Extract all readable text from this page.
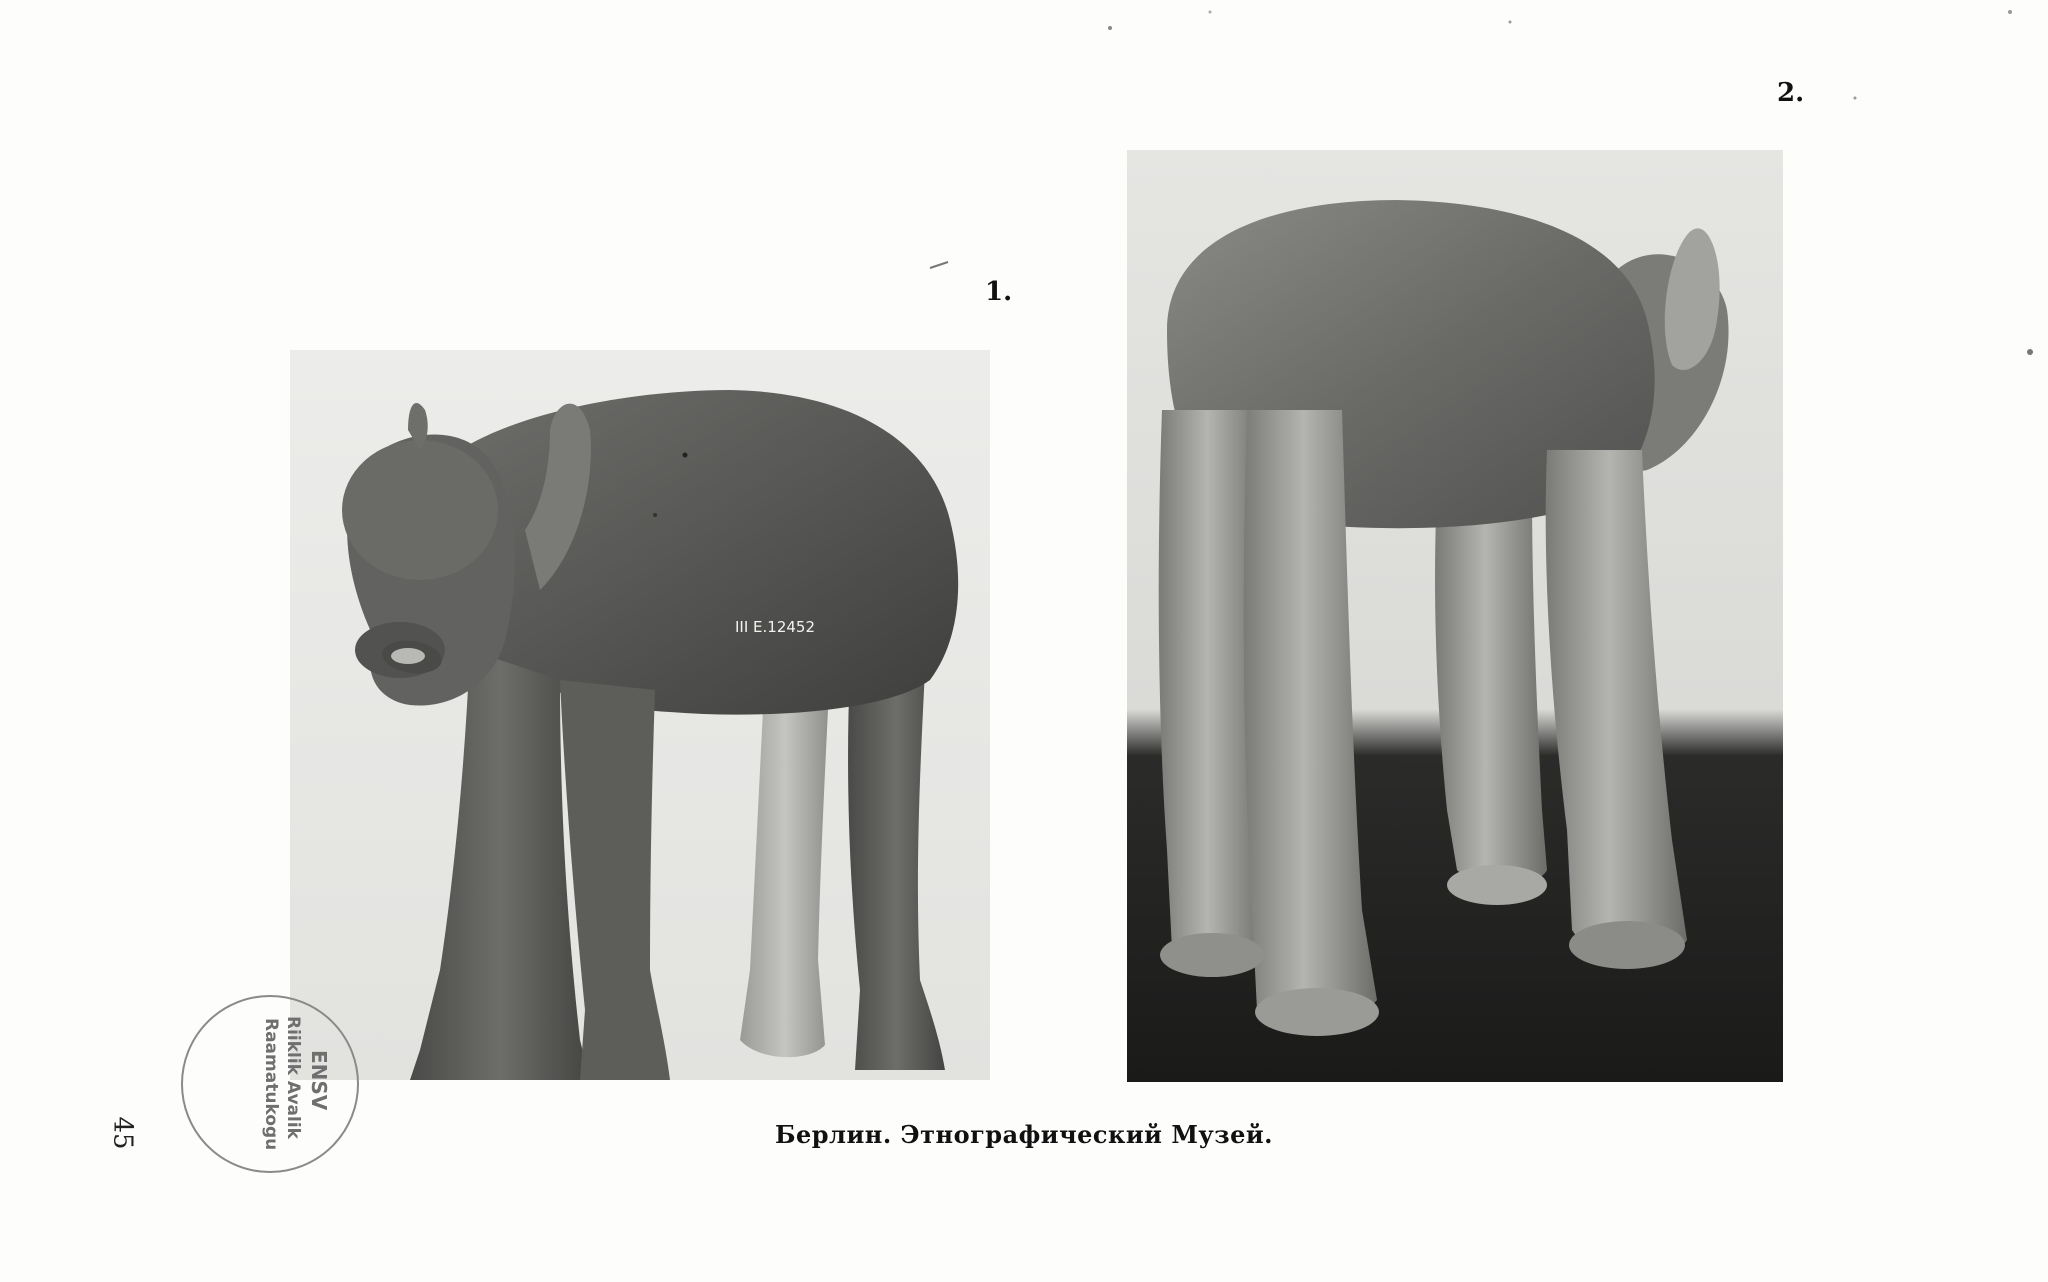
1.
2.
III E.12452
Берлин. Этнографический Музей.
45
ENSV
Riiklik Avalik
Raamatukogu
